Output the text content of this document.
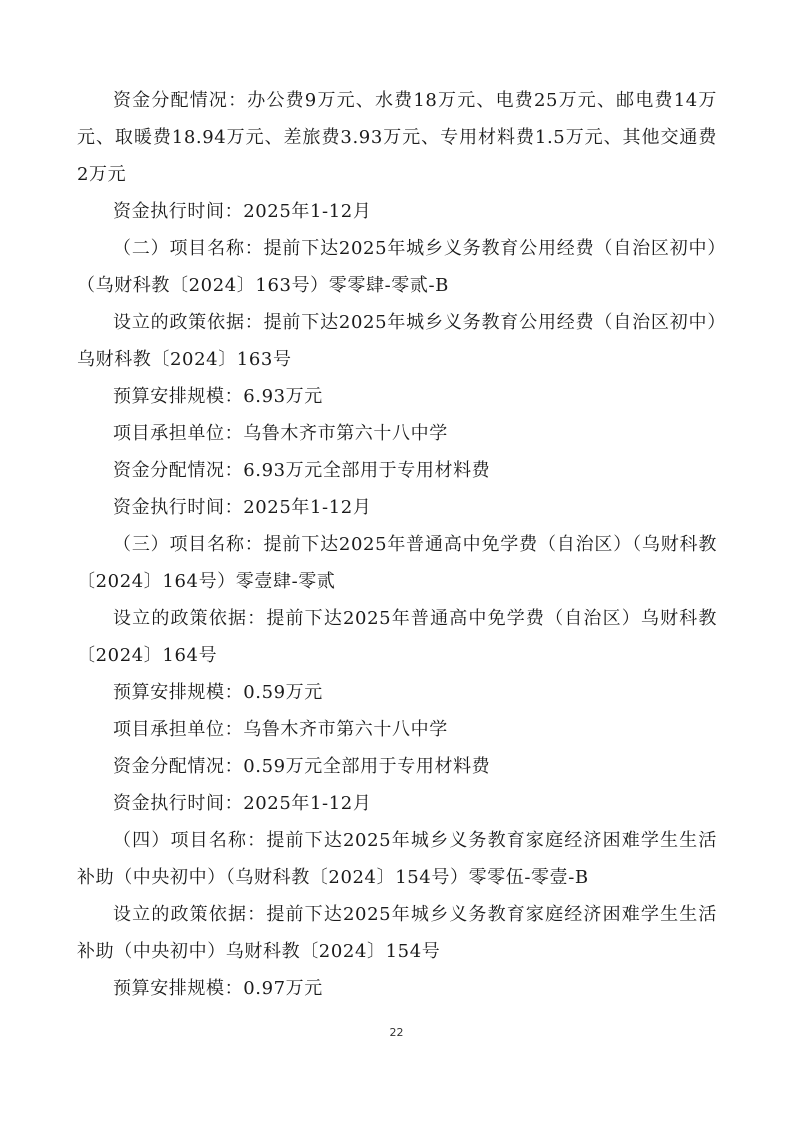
资金分配情况：办公费9万元、水费18万元、电费25万元、邮电费14万元、取暖费18.94万元、差旅费3.93万元、专用材料费1.5万元、其他交通费2万元

资金执行时间：2025年1-12月

（二）项目名称：提前下达2025年城乡义务教育公用经费（自治区初中）（乌财科教〔2024〕163号）零零肆-零贰-B

设立的政策依据：提前下达2025年城乡义务教育公用经费（自治区初中）乌财科教〔2024〕163号

预算安排规模：6.93万元

项目承担单位：乌鲁木齐市第六十八中学

资金分配情况：6.93万元全部用于专用材料费

资金执行时间：2025年1-12月

（三）项目名称：提前下达2025年普通高中免学费（自治区）（乌财科教〔2024〕164号）零壹肆-零贰

设立的政策依据：提前下达2025年普通高中免学费（自治区）乌财科教〔2024〕164号

预算安排规模：0.59万元

项目承担单位：乌鲁木齐市第六十八中学

资金分配情况：0.59万元全部用于专用材料费

资金执行时间：2025年1-12月

（四）项目名称：提前下达2025年城乡义务教育家庭经济困难学生生活补助（中央初中）（乌财科教〔2024〕154号）零零伍-零壹-B

设立的政策依据：提前下达2025年城乡义务教育家庭经济困难学生生活补助（中央初中）乌财科教〔2024〕154号

预算安排规模：0.97万元

22
